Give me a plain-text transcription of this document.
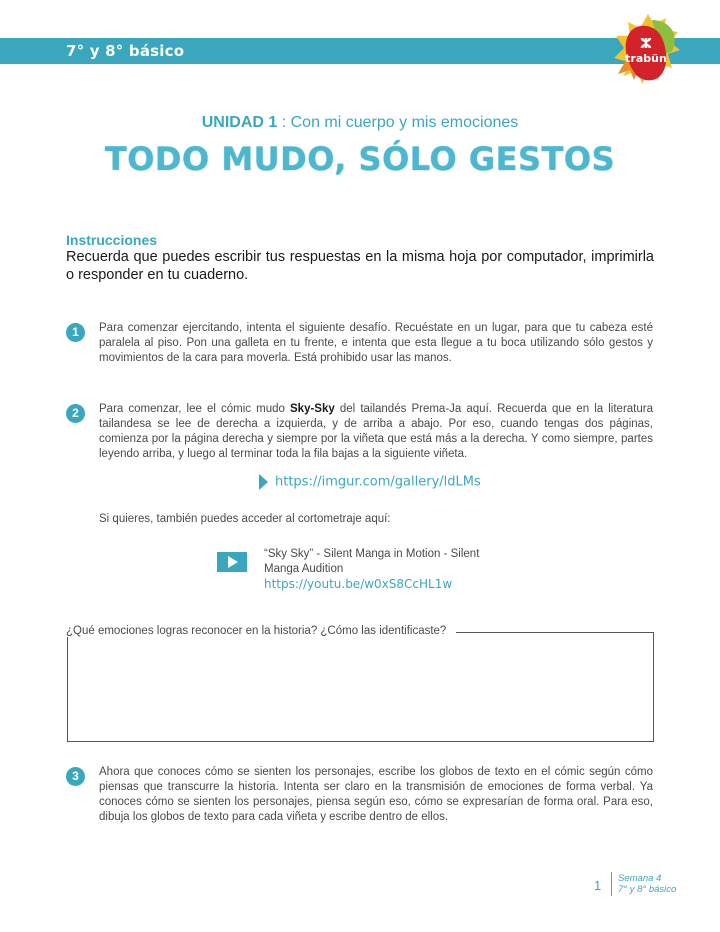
7° y 8° básico	ⵣ
trabün
UNIDAD 1 : Con mi cuerpo y mis emociones
TODO MUDO, SÓLO GESTOS
Instrucciones
Recuerda que puedes escribir tus respuestas en la misma hoja por computador, imprimirla o responder en tu cuaderno.
1	Para comenzar ejercitando, intenta el siguiente desafío. Recuéstate en un lugar, para que tu cabeza esté paralela al piso. Pon una galleta en tu frente, e intenta que esta llegue a tu boca utilizando sólo gestos y movimientos de la cara para moverla. Está prohibido usar las manos.
2	Para comenzar, lee el cómic mudo Sky-Sky del tailandés Prema-Ja aquí. Recuerda que en la literatura tailandesa se lee de derecha a izquierda, y de arriba a abajo. Por eso, cuando tengas dos páginas, comienza por la página derecha y siempre por la viñeta que está más a la derecha. Y como siempre, partes leyendo arriba, y luego al terminar toda la fila bajas a la siguiente viñeta.
https://imgur.com/gallery/ldLMs
Si quieres, también puedes acceder al cortometraje aquí:
“Sky Sky” - Silent Manga in Motion - Silent Manga Audition
https://youtu.be/w0xS8CcHL1w
¿Qué emociones logras reconocer en la historia? ¿Cómo las identificaste?
3	Ahora que conoces cómo se sienten los personajes, escribe los globos de texto en el cómic según cómo piensas que transcurre la historia. Intenta ser claro en la transmisión de emociones de forma verbal. Ya conoces cómo se sienten los personajes, piensa según eso, cómo se expresarían de forma oral. Para eso, dibuja los globos de texto para cada viñeta y escribe dentro de ellos.
1 Semana 4
7° y 8° básico
